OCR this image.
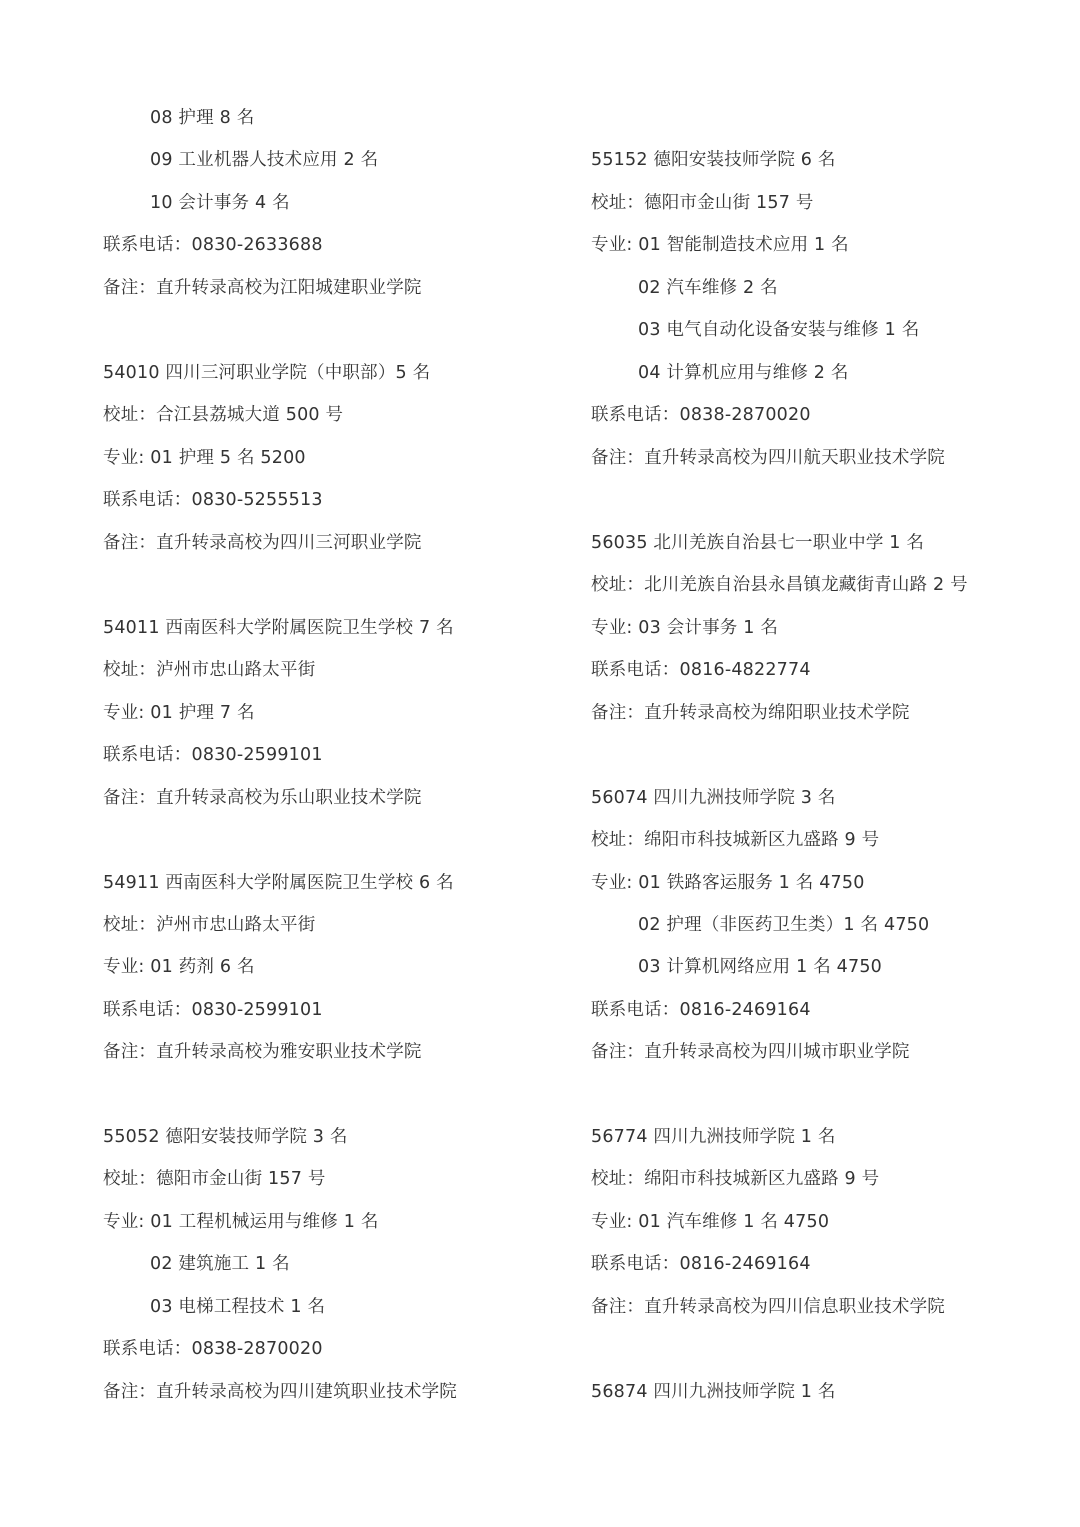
08 护理 8 名
09 工业机器人技术应用 2 名
10 会计事务 4 名
联系电话：0830-2633688
备注：直升转录高校为江阳城建职业学院
54010 四川三河职业学院（中职部）5 名
校址：合江县荔城大道 500 号
专业: 01 护理 5 名 5200
联系电话：0830-5255513
备注：直升转录高校为四川三河职业学院
54011 西南医科大学附属医院卫生学校 7 名
校址：泸州市忠山路太平街
专业: 01 护理 7 名
联系电话：0830-2599101
备注：直升转录高校为乐山职业技术学院
54911 西南医科大学附属医院卫生学校 6 名
校址：泸州市忠山路太平街
专业: 01 药剂 6 名
联系电话：0830-2599101
备注：直升转录高校为雅安职业技术学院
55052 德阳安装技师学院 3 名
校址：德阳市金山街 157 号
专业: 01 工程机械运用与维修 1 名
02 建筑施工 1 名
03 电梯工程技术 1 名
联系电话：0838-2870020
备注：直升转录高校为四川建筑职业技术学院
55152 德阳安装技师学院 6 名
校址：德阳市金山街 157 号
专业: 01 智能制造技术应用 1 名
02 汽车维修 2 名
03 电气自动化设备安装与维修 1 名
04 计算机应用与维修 2 名
联系电话：0838-2870020
备注：直升转录高校为四川航天职业技术学院
56035 北川羌族自治县七一职业中学 1 名
校址：北川羌族自治县永昌镇龙藏街青山路 2 号
专业: 03 会计事务 1 名
联系电话：0816-4822774
备注：直升转录高校为绵阳职业技术学院
56074 四川九洲技师学院 3 名
校址：绵阳市科技城新区九盛路 9 号
专业: 01 铁路客运服务 1 名 4750
02 护理（非医药卫生类）1 名 4750
03 计算机网络应用 1 名 4750
联系电话：0816-2469164
备注：直升转录高校为四川城市职业学院
56774 四川九洲技师学院 1 名
校址：绵阳市科技城新区九盛路 9 号
专业: 01 汽车维修 1 名 4750
联系电话：0816-2469164
备注：直升转录高校为四川信息职业技术学院
56874 四川九洲技师学院 1 名
